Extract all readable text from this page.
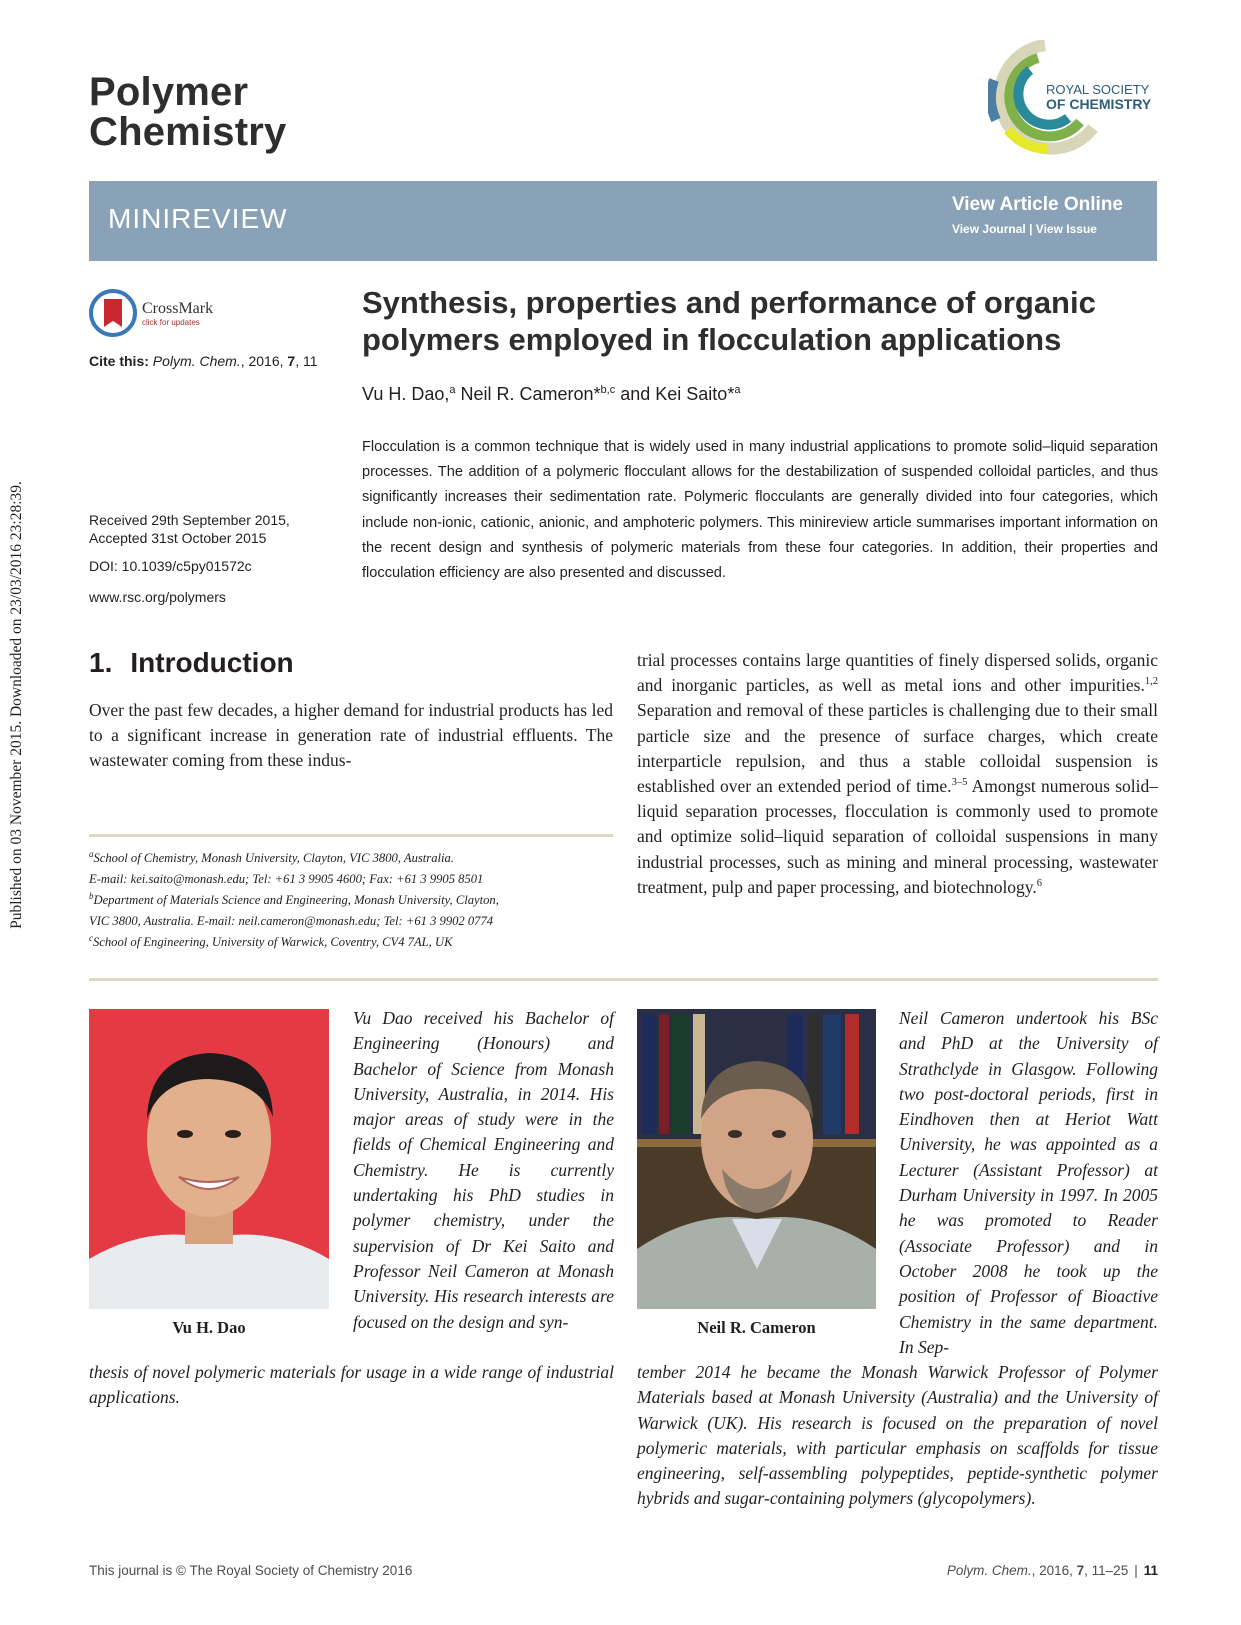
Published on 03 November 2015. Downloaded on 23/03/2016 23:28:39.
Polymer
Chemistry
ROYAL SOCIETY
OF CHEMISTRY
MINIREVIEW	View Article Online
View Journal | View Issue
CrossMark
click for updates
Cite this: Polym. Chem., 2016, 7, 11
Received 29th September 2015,
Accepted 31st October 2015
DOI: 10.1039/c5py01572c
www.rsc.org/polymers
Synthesis, properties and performance of organic polymers employed in flocculation applications
Vu H. Dao,$^a$ Neil R. Cameron*$^{b,c}$ and Kei Saito*$^a$

Flocculation is a common technique that is widely used in many industrial applications to promote solid–liquid separation processes. The addition of a polymeric flocculant allows for the destabilization of suspended colloidal particles, and thus significantly increases their sedimentation rate. Polymeric flocculants are generally divided into four categories, which include non-ionic, cationic, anionic, and amphoteric polymers. This minireview article summarises important information on the recent design and synthesis of polymeric materials from these four categories. In addition, their properties and flocculation efficiency are also presented and discussed.

1. Introduction

Over the past few decades, a higher demand for industrial products has led to a significant increase in generation rate of industrial effluents. The wastewater coming from these indus-

trial processes contains large quantities of finely dispersed solids, organic and inorganic particles, as well as metal ions and other impurities.$^{1,2}$ Separation and removal of these particles is challenging due to their small particle size and the presence of surface charges, which create interparticle repulsion, and thus a stable colloidal suspension is established over an extended period of time.$^{3-5}$ Amongst numerous solid–liquid separation processes, flocculation is commonly used to promote and optimize solid–liquid separation of colloidal suspensions in many industrial processes, such as mining and mineral processing, wastewater treatment, pulp and paper processing, and biotechnology.$^6$

$^a$School of Chemistry, Monash University, Clayton, VIC 3800, Australia.
E-mail: kei.saito@monash.edu; Tel: +61 3 9905 4600; Fax: +61 3 9905 8501
$^b$Department of Materials Science and Engineering, Monash University, Clayton,
VIC 3800, Australia. E-mail: neil.cameron@monash.edu; Tel: +61 3 9902 0774
$^c$School of Engineering, University of Warwick, Coventry, CV4 7AL, UK
Vu H. Dao	Neil R. Cameron

Vu Dao received his Bachelor of Engineering (Honours) and Bachelor of Science from Monash University, Australia, in 2014. His major areas of study were in the fields of Chemical Engineering and Chemistry. He is currently undertaking his PhD studies in polymer chemistry, under the supervision of Dr Kei Saito and Professor Neil Cameron at Monash University. His research interests are focused on the design and syn-

thesis of novel polymeric materials for usage in a wide range of industrial applications.

Neil Cameron undertook his BSc and PhD at the University of Strathclyde in Glasgow. Following two post-doctoral periods, first in Eindhoven then at Heriot Watt University, he was appointed as a Lecturer (Assistant Professor) at Durham University in 1997. In 2005 he was promoted to Reader (Associate Professor) and in October 2008 he took up the position of Professor of Bioactive Chemistry in the same department. In Sep-

tember 2014 he became the Monash Warwick Professor of Polymer Materials based at Monash University (Australia) and the University of Warwick (UK). His research is focused on the preparation of novel polymeric materials, with particular emphasis on scaffolds for tissue engineering, self-assembling polypeptides, peptide-synthetic polymer hybrids and sugar-containing polymers (glycopolymers).

This journal is © The Royal Society of Chemistry 2016	Polym. Chem., 2016, 7, 11–25 | 11
